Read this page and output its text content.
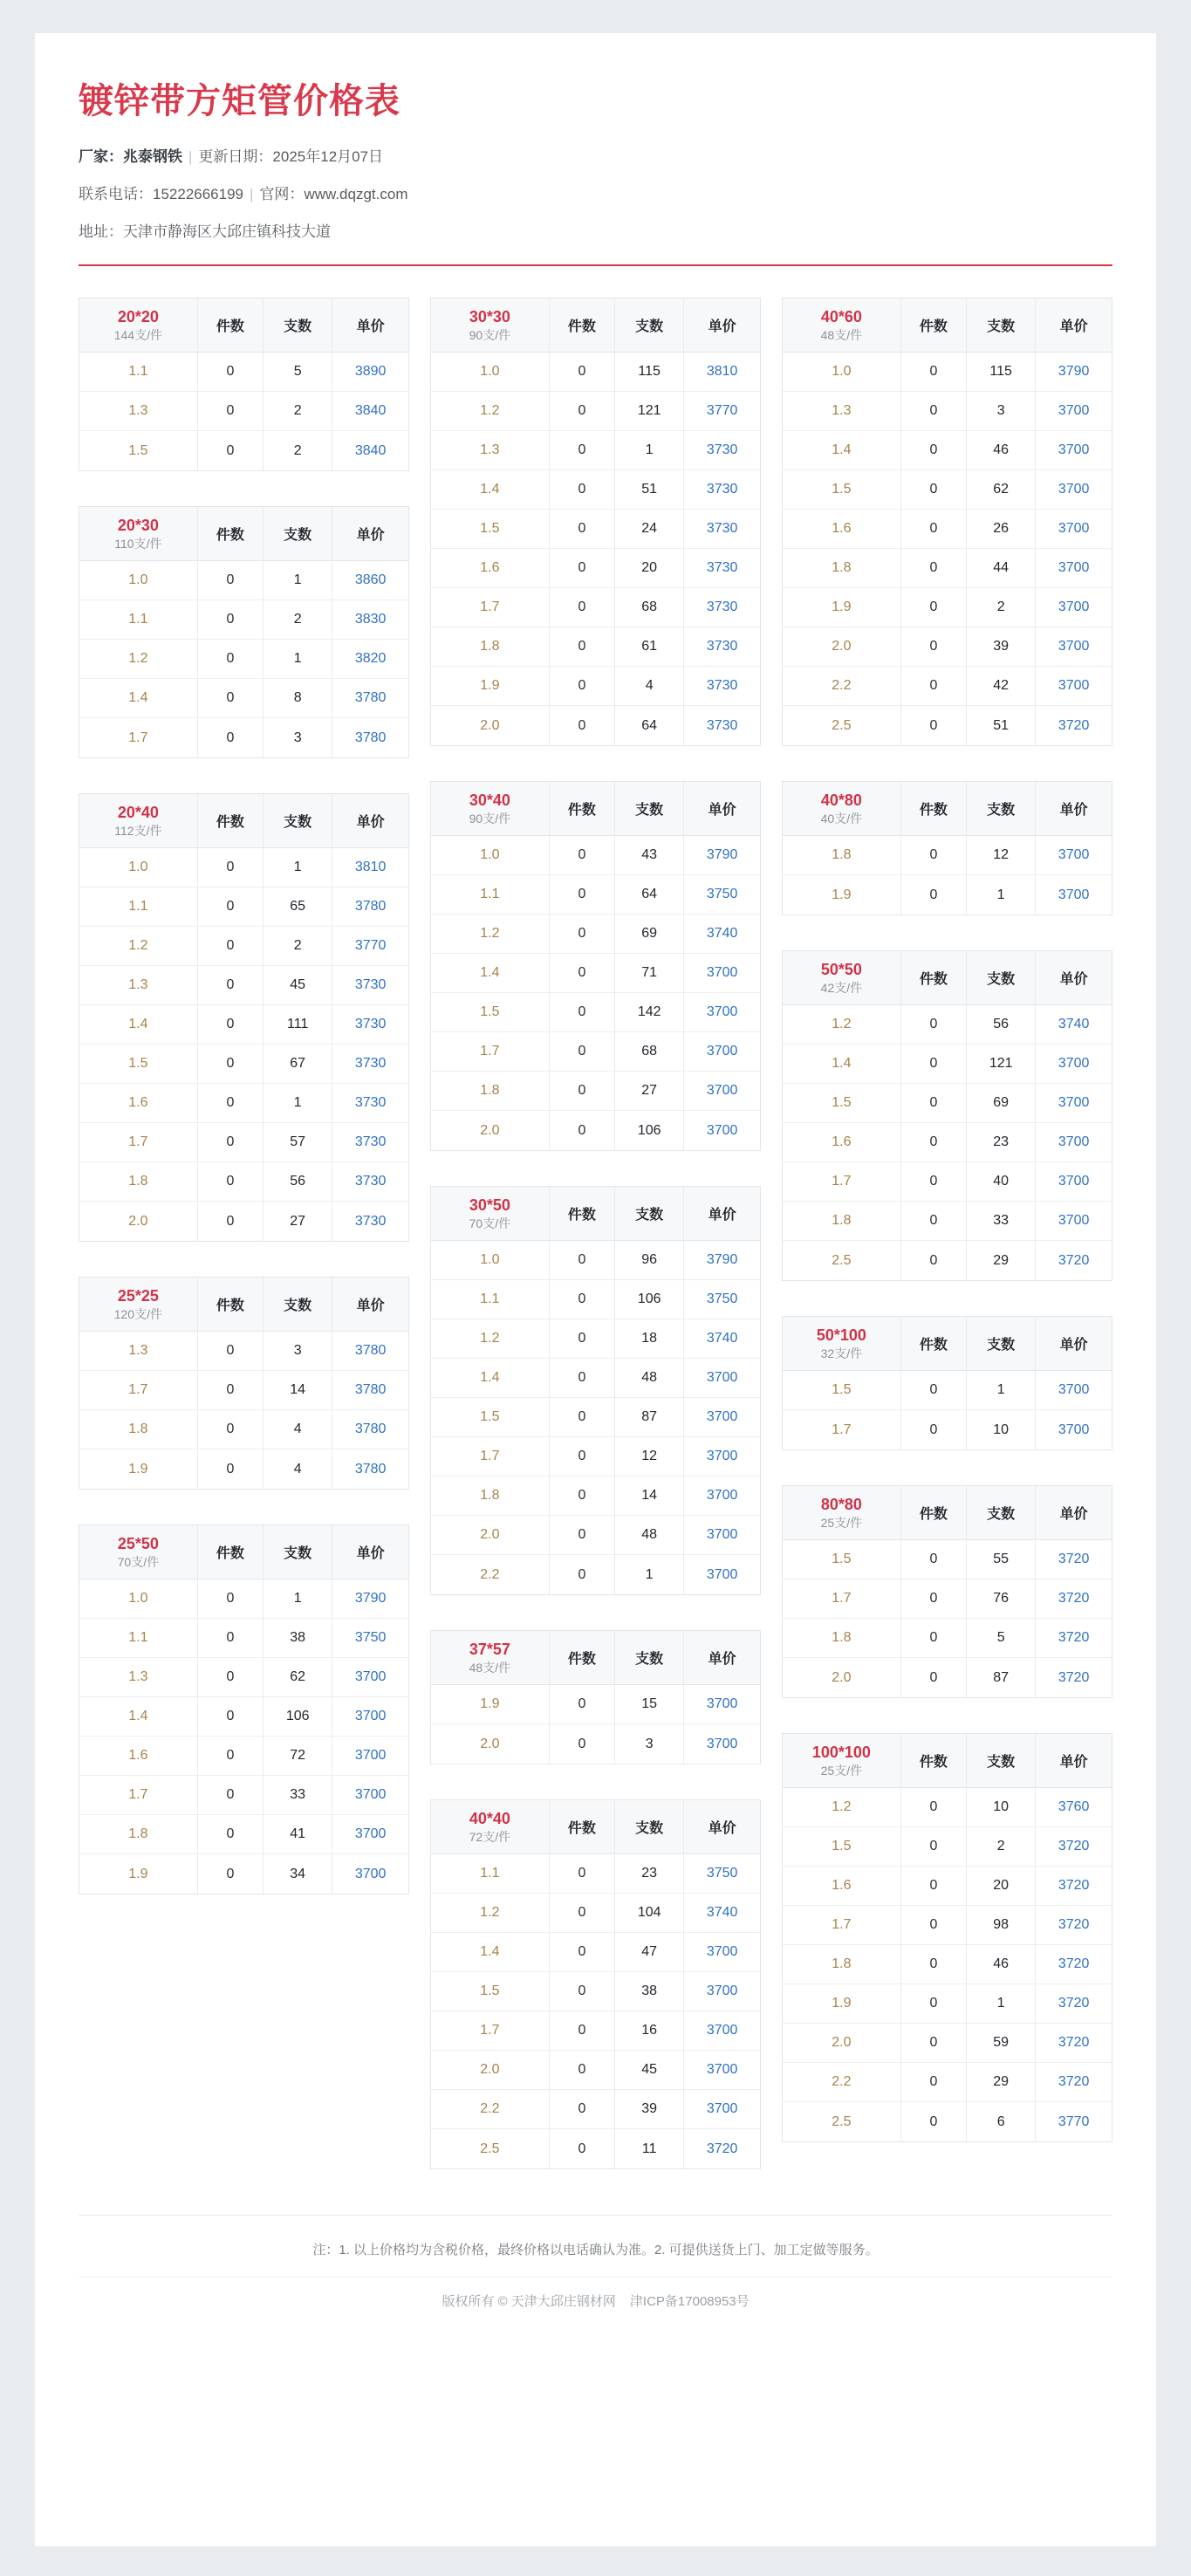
镀锌带方矩管价格表
厂家：兆泰钢铁 | 更新日期：2025年12月07日
联系电话：15222666199 | 官网：www.dqzgt.com
地址：天津市静海区大邱庄镇科技大道
20*20
144支/件	件数	支数	单价
1.1	0	5	3890
1.3	0	2	3840
1.5	0	2	3840
20*30
110支/件	件数	支数	单价
1.0	0	1	3860
1.1	0	2	3830
1.2	0	1	3820
1.4	0	8	3780
1.7	0	3	3780
20*40
112支/件	件数	支数	单价
1.0	0	1	3810
1.1	0	65	3780
1.2	0	2	3770
1.3	0	45	3730
1.4	0	111	3730
1.5	0	67	3730
1.6	0	1	3730
1.7	0	57	3730
1.8	0	56	3730
2.0	0	27	3730
25*25
120支/件	件数	支数	单价
1.3	0	3	3780
1.7	0	14	3780
1.8	0	4	3780
1.9	0	4	3780
25*50
70支/件	件数	支数	单价
1.0	0	1	3790
1.1	0	38	3750
1.3	0	62	3700
1.4	0	106	3700
1.6	0	72	3700
1.7	0	33	3700
1.8	0	41	3700
1.9	0	34	3700
30*30
90支/件	件数	支数	单价
1.0	0	115	3810
1.2	0	121	3770
1.3	0	1	3730
1.4	0	51	3730
1.5	0	24	3730
1.6	0	20	3730
1.7	0	68	3730
1.8	0	61	3730
1.9	0	4	3730
2.0	0	64	3730
30*40
90支/件	件数	支数	单价
1.0	0	43	3790
1.1	0	64	3750
1.2	0	69	3740
1.4	0	71	3700
1.5	0	142	3700
1.7	0	68	3700
1.8	0	27	3700
2.0	0	106	3700
30*50
70支/件	件数	支数	单价
1.0	0	96	3790
1.1	0	106	3750
1.2	0	18	3740
1.4	0	48	3700
1.5	0	87	3700
1.7	0	12	3700
1.8	0	14	3700
2.0	0	48	3700
2.2	0	1	3700
37*57
48支/件	件数	支数	单价
1.9	0	15	3700
2.0	0	3	3700
40*40
72支/件	件数	支数	单价
1.1	0	23	3750
1.2	0	104	3740
1.4	0	47	3700
1.5	0	38	3700
1.7	0	16	3700
2.0	0	45	3700
2.2	0	39	3700
2.5	0	11	3720
40*60
48支/件	件数	支数	单价
1.0	0	115	3790
1.3	0	3	3700
1.4	0	46	3700
1.5	0	62	3700
1.6	0	26	3700
1.8	0	44	3700
1.9	0	2	3700
2.0	0	39	3700
2.2	0	42	3700
2.5	0	51	3720
40*80
40支/件	件数	支数	单价
1.8	0	12	3700
1.9	0	1	3700
50*50
42支/件	件数	支数	单价
1.2	0	56	3740
1.4	0	121	3700
1.5	0	69	3700
1.6	0	23	3700
1.7	0	40	3700
1.8	0	33	3700
2.5	0	29	3720
50*100
32支/件	件数	支数	单价
1.5	0	1	3700
1.7	0	10	3700
80*80
25支/件	件数	支数	单价
1.5	0	55	3720
1.7	0	76	3720
1.8	0	5	3720
2.0	0	87	3720
100*100
25支/件	件数	支数	单价
1.2	0	10	3760
1.5	0	2	3720
1.6	0	20	3720
1.7	0	98	3720
1.8	0	46	3720
1.9	0	1	3720
2.0	0	59	3720
2.2	0	29	3720
2.5	0	6	3770
注：1. 以上价格均为含税价格，最终价格以电话确认为准。2. 可提供送货上门、加工定做等服务。
版权所有 © 天津大邱庄钢材网 津ICP备17008953号
